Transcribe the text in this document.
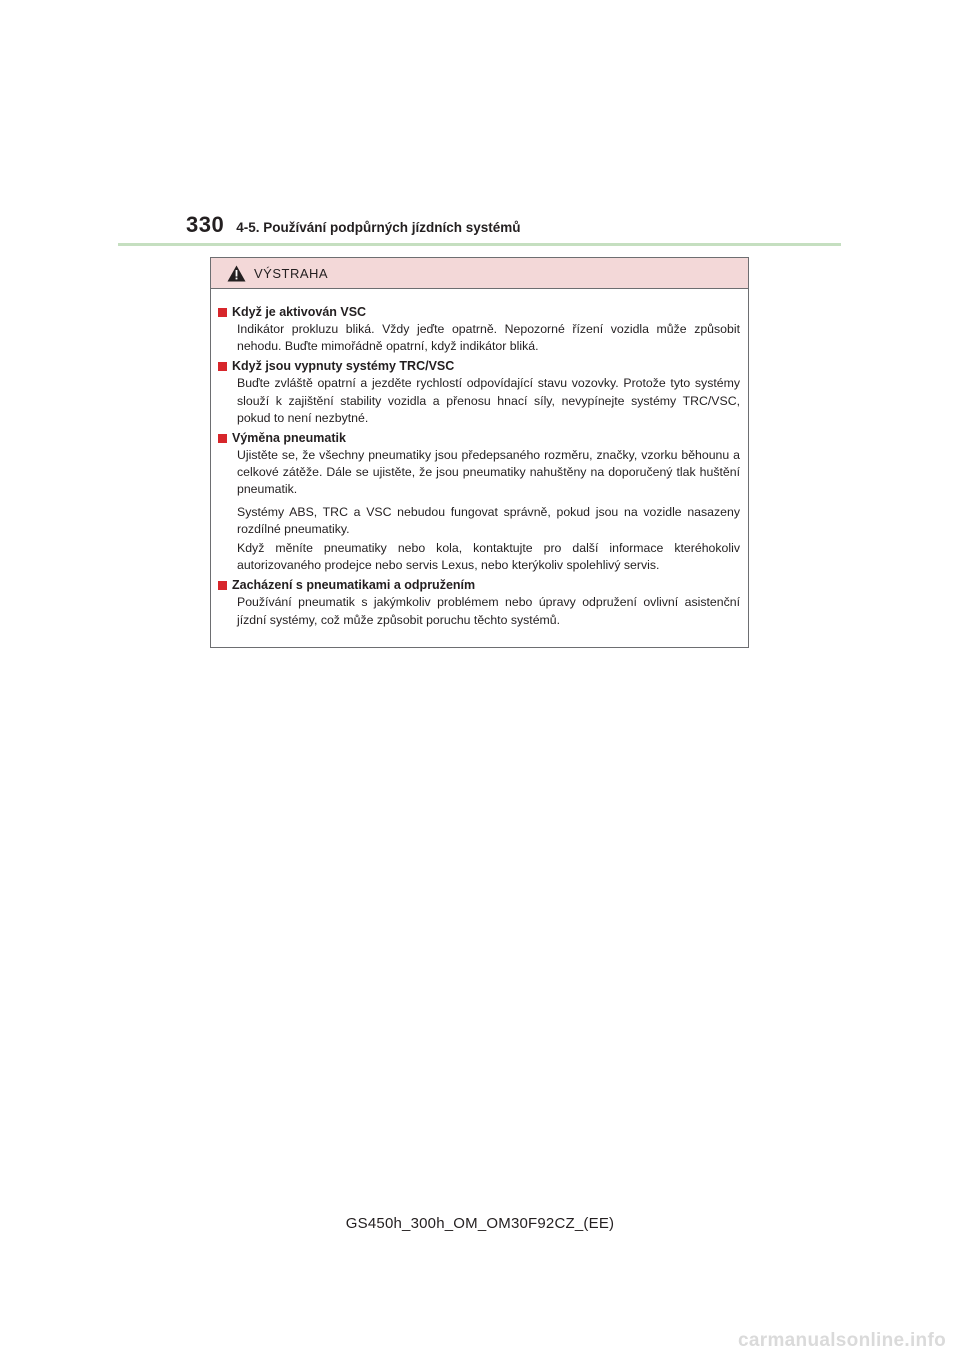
330 4-5. Používání podpůrných jízdních systémů
VÝSTRAHA
Když je aktivován VSC

Indikátor prokluzu bliká. Vždy jeďte opatrně. Nepozorné řízení vozidla může způsobit nehodu. Buďte mimořádně opatrní, když indikátor bliká.

Když jsou vypnuty systémy TRC/VSC

Buďte zvláště opatrní a jezděte rychlostí odpovídající stavu vozovky. Protože tyto systémy slouží k zajištění stability vozidla a přenosu hnací síly, nevypínejte systémy TRC/VSC, pokud to není nezbytné.

Výměna pneumatik

Ujistěte se, že všechny pneumatiky jsou předepsaného rozměru, značky, vzorku běhounu a celkové zátěže. Dále se ujistěte, že jsou pneumatiky nahuštěny na doporučený tlak huštění pneumatik.

Systémy ABS, TRC a VSC nebudou fungovat správně, pokud jsou na vozidle nasazeny rozdílné pneumatiky.

Když měníte pneumatiky nebo kola, kontaktujte pro další informace kteréhokoliv autorizovaného prodejce nebo servis Lexus, nebo kterýkoliv spolehlivý servis.

Zacházení s pneumatikami a odpružením

Používání pneumatik s jakýmkoliv problémem nebo úpravy odpružení ovlivní asistenční jízdní systémy, což může způsobit poruchu těchto systémů.

GS450h_300h_OM_OM30F92CZ_(EE)
carmanualsonline.info
